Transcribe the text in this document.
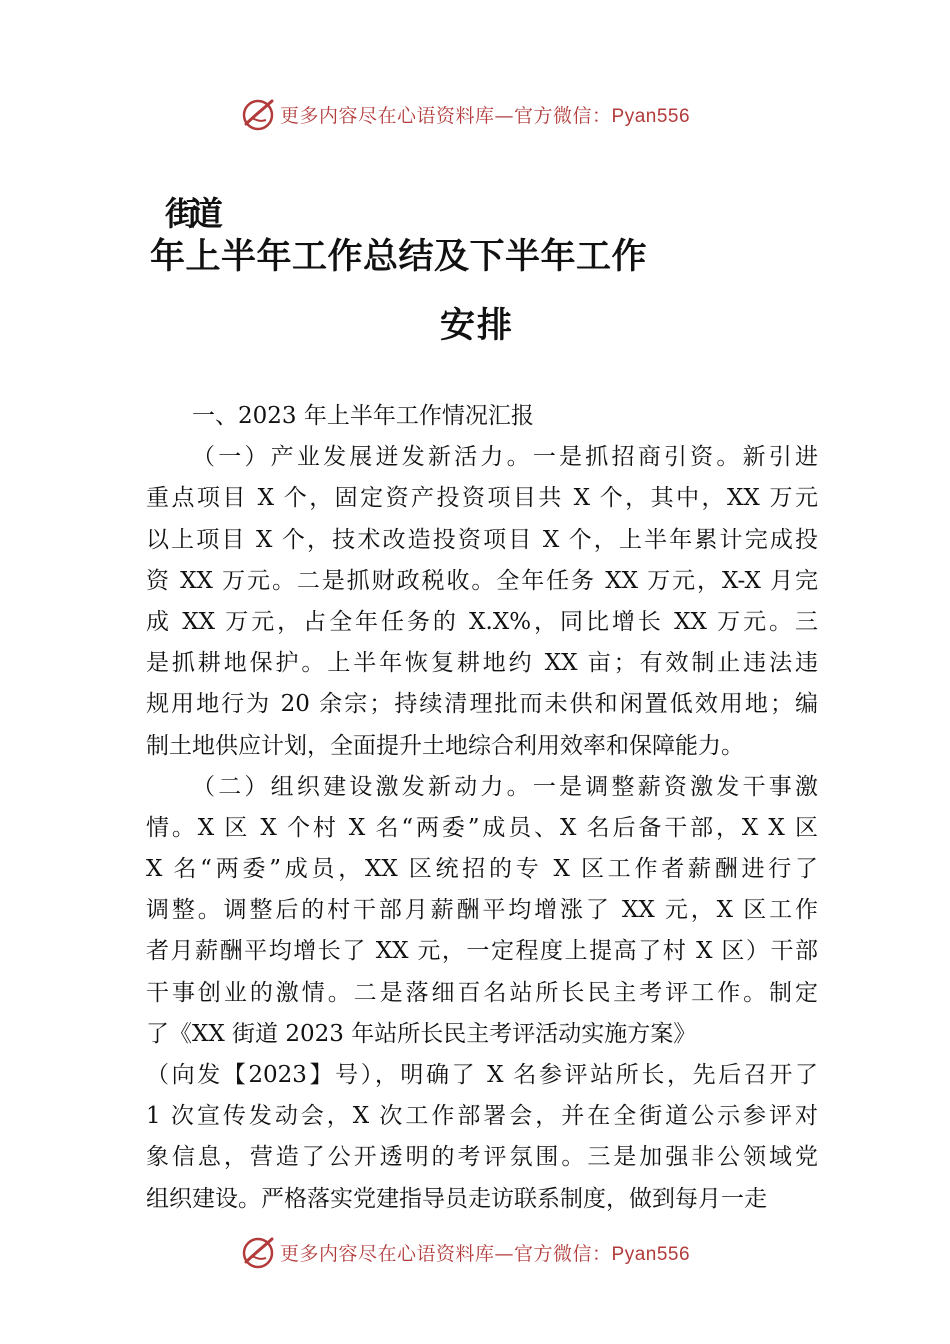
更多内容尽在心语资料库—官方微信：Pyan556
街道
年上半年工作总结及下半年工作
安排
一、2023 年上半年工作情况汇报
（一）产业发展迸发新活力。一是抓招商引资。新引进
重点项目 X 个，固定资产投资项目共 X 个，其中，XX 万元
以上项目 X 个，技术改造投资项目 X 个，上半年累计完成投
资 XX 万元。二是抓财政税收。全年任务 XX 万元，X-X 月完
成 XX 万元，占全年任务的 X.X%，同比增长 XX 万元。三
是抓耕地保护。上半年恢复耕地约 XX 亩；有效制止违法违
规用地行为 20 余宗；持续清理批而未供和闲置低效用地；编
制土地供应计划，全面提升土地综合利用效率和保障能力。
（二）组织建设激发新动力。一是调整薪资激发干事激
情。X 区 X 个村 X 名“两委”成员、X 名后备干部，X X 区
X 名“两委”成员，XX 区统招的专 X 区工作者薪酬进行了
调整。调整后的村干部月薪酬平均增涨了 XX 元，X 区工作
者月薪酬平均增长了 XX 元，一定程度上提高了村 X 区）干部
干事创业的激情。二是落细百名站所长民主考评工作。制定
了《XX 街道 2023 年站所长民主考评活动实施方案》
（向发【2023】号），明确了 X 名参评站所长，先后召开了
1 次宣传发动会，X 次工作部署会，并在全街道公示参评对
象信息，营造了公开透明的考评氛围。三是加强非公领域党
组织建设。严格落实党建指导员走访联系制度，做到每月一走
更多内容尽在心语资料库—官方微信：Pyan556
